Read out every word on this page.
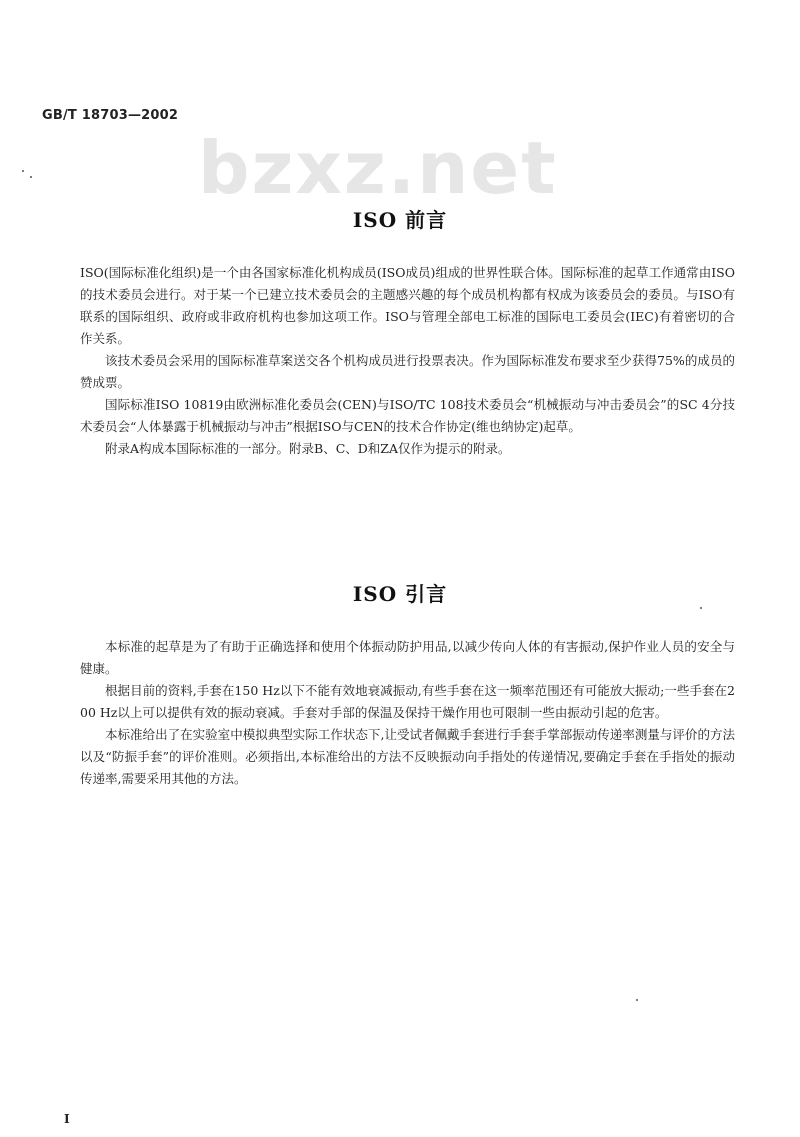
GB/T 18703—2002
bzxz.net
ISO 前言

ISO(国际标准化组织)是一个由各国家标准化机构成员(ISO成员)组成的世界性联合体。国际标准的起草工作通常由ISO的技术委员会进行。对于某一个已建立技术委员会的主题感兴趣的每个成员机构都有权成为该委员会的委员。与ISO有联系的国际组织、政府或非政府机构也参加这项工作。ISO与管理全部电工标准的国际电工委员会(IEC)有着密切的合作关系。

该技术委员会采用的国际标准草案送交各个机构成员进行投票表决。作为国际标准发布要求至少获得75%的成员的赞成票。

国际标准ISO 10819由欧洲标准化委员会(CEN)与ISO/TC 108技术委员会“机械振动与冲击委员会”的SC 4分技术委员会“人体暴露于机械振动与冲击”根据ISO与CEN的技术合作协定(维也纳协定)起草。

附录A构成本国际标准的一部分。附录B、C、D和ZA仅作为提示的附录。

ISO 引言

本标准的起草是为了有助于正确选择和使用个体振动防护用品,以减少传向人体的有害振动,保护作业人员的安全与健康。

根据目前的资料,手套在150 Hz以下不能有效地衰减振动,有些手套在这一频率范围还有可能放大振动;一些手套在200 Hz以上可以提供有效的振动衰减。手套对手部的保温及保持干燥作用也可限制一些由振动引起的危害。

本标准给出了在实验室中模拟典型实际工作状态下,让受试者佩戴手套进行手套手掌部振动传递率测量与评价的方法以及“防振手套”的评价准则。必须指出,本标准给出的方法不反映振动向手指处的传递情况,要确定手套在手指处的振动传递率,需要采用其他的方法。

I
